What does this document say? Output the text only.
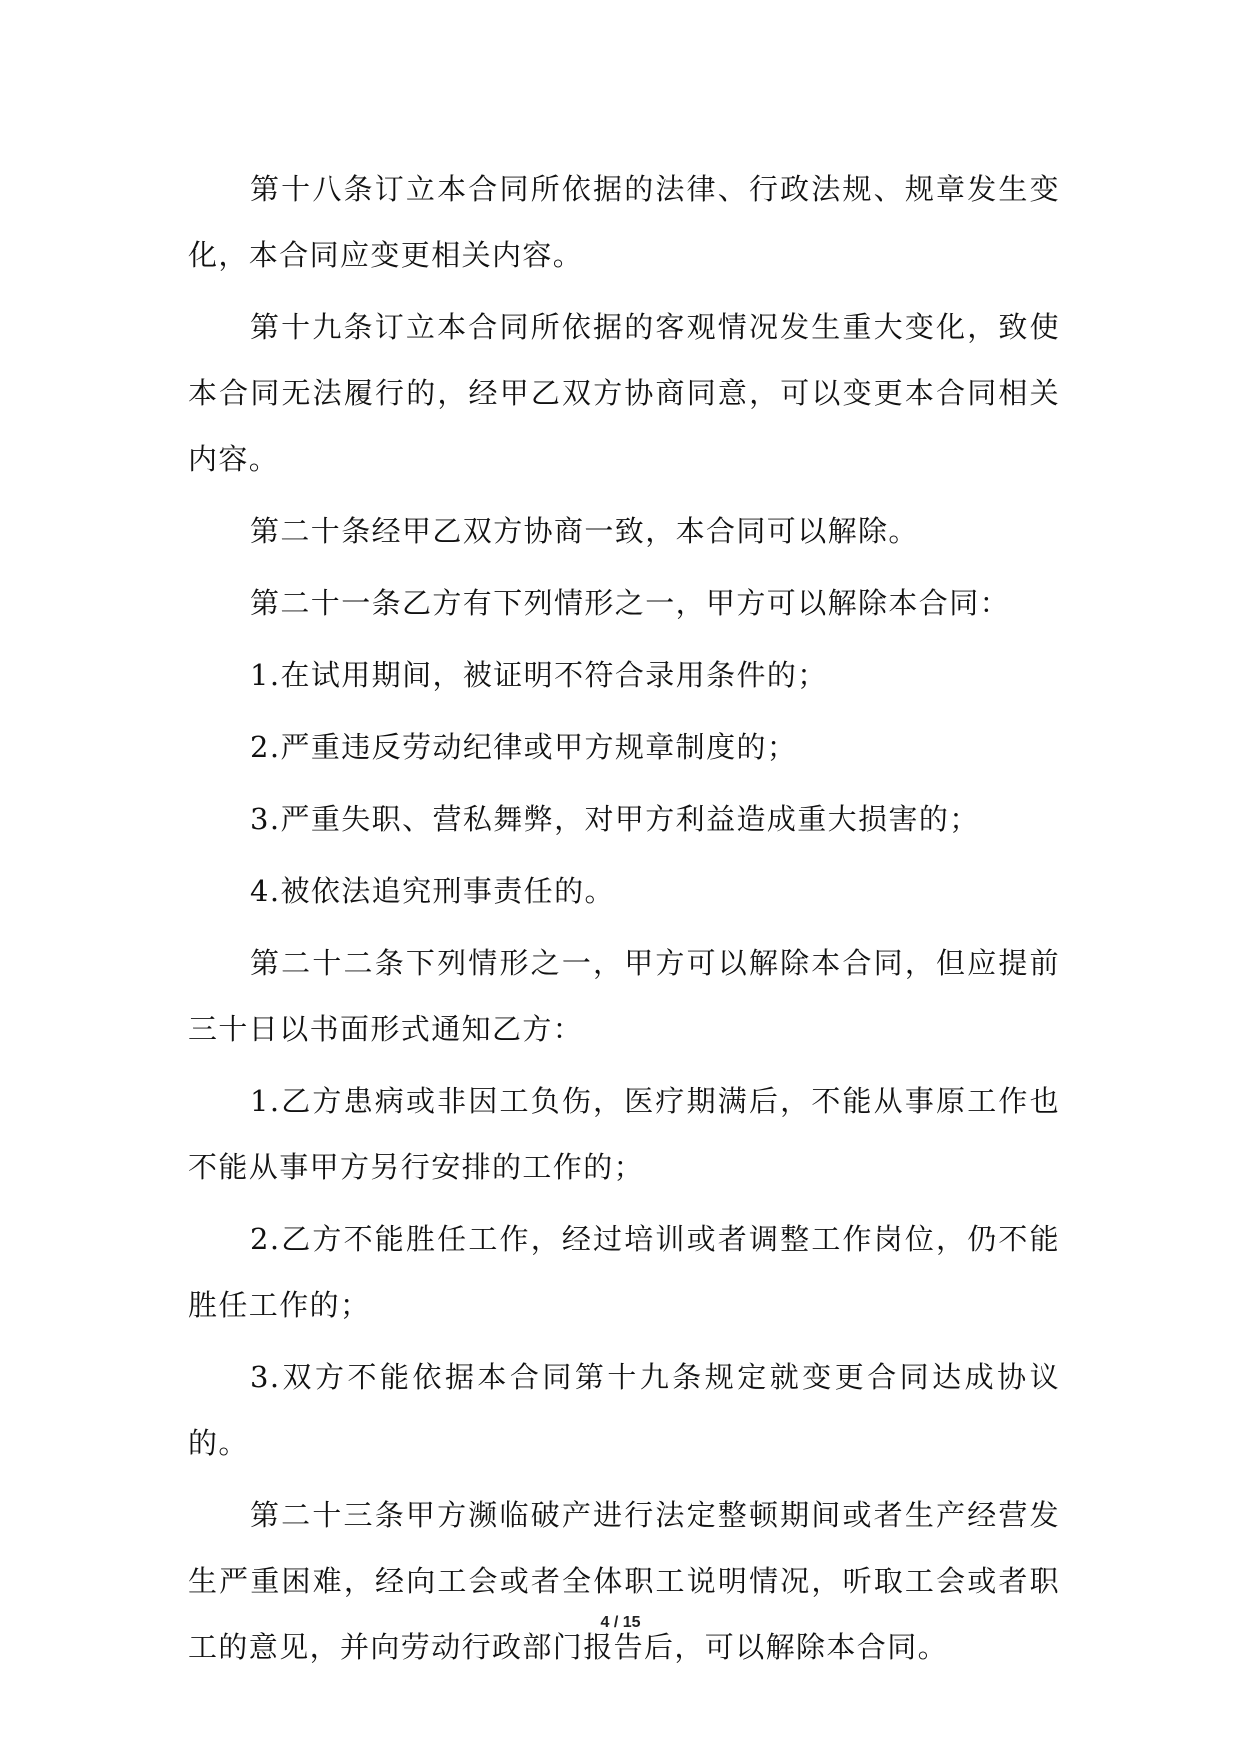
第十八条订立本合同所依据的法律、行政法规、规章发生变化，本合同应变更相关内容。

第十九条订立本合同所依据的客观情况发生重大变化，致使本合同无法履行的，经甲乙双方协商同意，可以变更本合同相关内容。

第二十条经甲乙双方协商一致，本合同可以解除。

第二十一条乙方有下列情形之一，甲方可以解除本合同：

1.在试用期间，被证明不符合录用条件的；

2.严重违反劳动纪律或甲方规章制度的；

3.严重失职、营私舞弊，对甲方利益造成重大损害的；

4.被依法追究刑事责任的。

第二十二条下列情形之一，甲方可以解除本合同，但应提前三十日以书面形式通知乙方：

1.乙方患病或非因工负伤，医疗期满后，不能从事原工作也不能从事甲方另行安排的工作的；

2.乙方不能胜任工作，经过培训或者调整工作岗位，仍不能胜任工作的；

3.双方不能依据本合同第十九条规定就变更合同达成协议的。

第二十三条甲方濒临破产进行法定整顿期间或者生产经营发生严重困难，经向工会或者全体职工说明情况，听取工会或者职工的意见，并向劳动行政部门报告后，可以解除本合同。

4 / 15
